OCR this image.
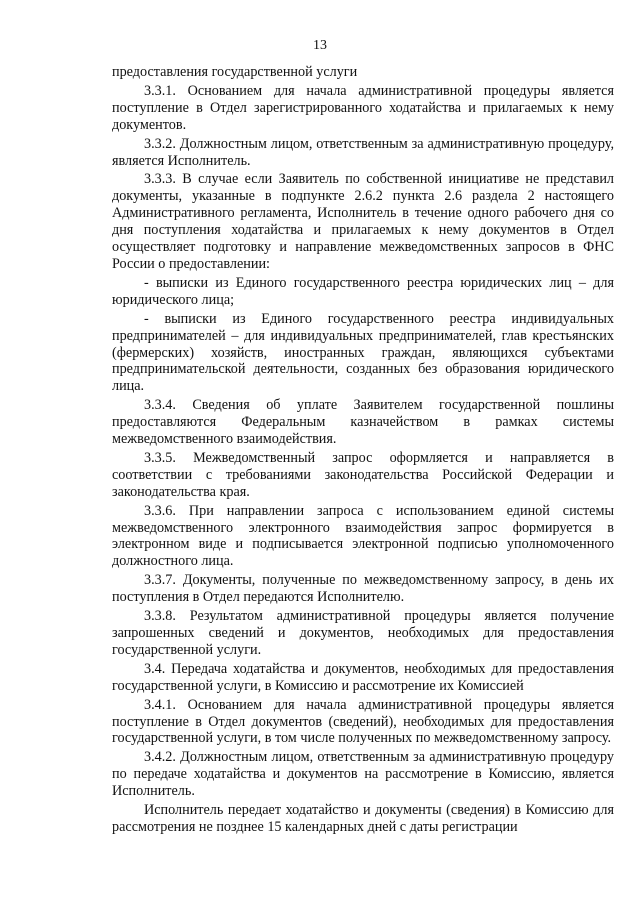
13

предоставления государственной услуги

3.3.1. Основанием для начала административной процедуры является поступление в Отдел зарегистрированного ходатайства и прилагаемых к нему документов.

3.3.2. Должностным лицом, ответственным за административную процедуру, является Исполнитель.

3.3.3. В случае если Заявитель по собственной инициативе не представил документы, указанные в подпункте 2.6.2 пункта 2.6 раздела 2 настоящего Административного регламента, Исполнитель в течение одного рабочего дня со дня поступления ходатайства и прилагаемых к нему документов в Отдел осуществляет подготовку и направление межведомственных запросов в ФНС России о предоставлении:

- выписки из Единого государственного реестра юридических лиц – для юридического лица;

- выписки из Единого государственного реестра индивидуальных предпринимателей – для индивидуальных предпринимателей, глав крестьянских (фермерских) хозяйств, иностранных граждан, являющихся субъектами предпринимательской деятельности, созданных без образования юридического лица.

3.3.4. Сведения об уплате Заявителем государственной пошлины предоставляются Федеральным казначейством в рамках системы межведомственного взаимодействия.

3.3.5. Межведомственный запрос оформляется и направляется в соответствии с требованиями законодательства Российской Федерации и законодательства края.

3.3.6. При направлении запроса с использованием единой системы межведомственного электронного взаимодействия запрос формируется в электронном виде и подписывается электронной подписью уполномоченного должностного лица.

3.3.7. Документы, полученные по межведомственному запросу, в день их поступления в Отдел передаются Исполнителю.

3.3.8. Результатом административной процедуры является получение запрошенных сведений и документов, необходимых для предоставления государственной услуги.

3.4. Передача ходатайства и документов, необходимых для предоставления государственной услуги, в Комиссию и рассмотрение их Комиссией

3.4.1. Основанием для начала административной процедуры является поступление в Отдел документов (сведений), необходимых для предоставления государственной услуги, в том числе полученных по межведомственному запросу.

3.4.2. Должностным лицом, ответственным за административную процедуру по передаче ходатайства и документов на рассмотрение в Комиссию, является Исполнитель.

Исполнитель передает ходатайство и документы (сведения) в Комиссию для рассмотрения не позднее 15 календарных дней с даты регистрации
